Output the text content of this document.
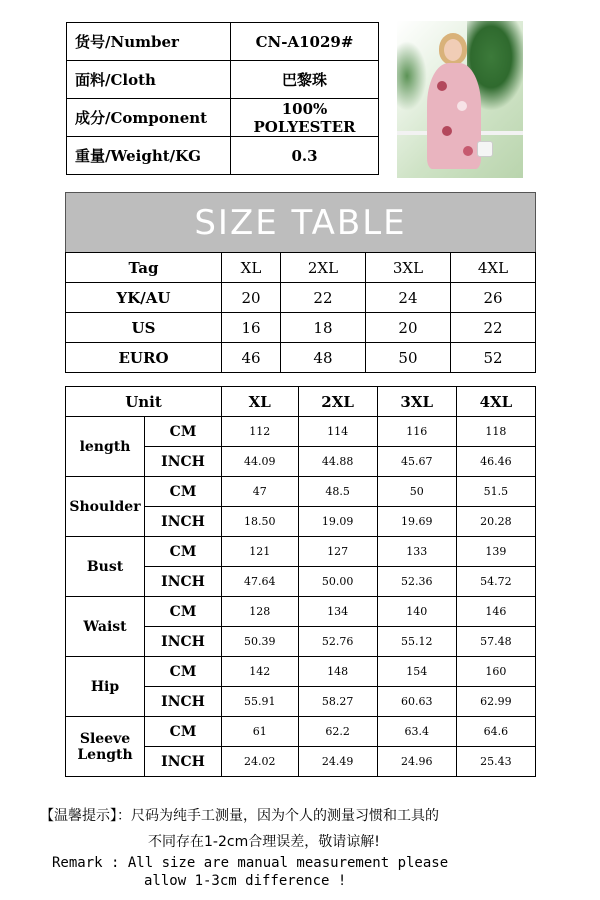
货号/Number	CN-A1029#
面料/Cloth	巴黎珠
成分/Component	100% POLYESTER
重量/Weight/KG	0.3
SIZE TABLE
Tag	XL	2XL	3XL	4XL
YK/AU	20	22	24	26
US	16	18	20	22
EURO	46	48	50	52
Unit		XL	2XL	3XL	4XL
length	CM	112	114	116	118
	INCH	44.09	44.88	45.67	46.46
Shoulder	CM	47	48.5	50	51.5
	INCH	18.50	19.09	19.69	20.28
Bust	CM	121	127	133	139
	INCH	47.64	50.00	52.36	54.72
Waist	CM	128	134	140	146
	INCH	50.39	52.76	55.12	57.48
Hip	CM	142	148	154	160
	INCH	55.91	58.27	60.63	62.99
Sleeve Length	CM	61	62.2	63.4	64.6
	INCH	24.02	24.49	24.96	25.43
【温馨提示】：尺码为纯手工测量，因为个人的测量习惯和工具的
不同存在1-2cm合理误差，敬请谅解!
Remark : All size are manual measurement please
allow 1-3cm difference !
